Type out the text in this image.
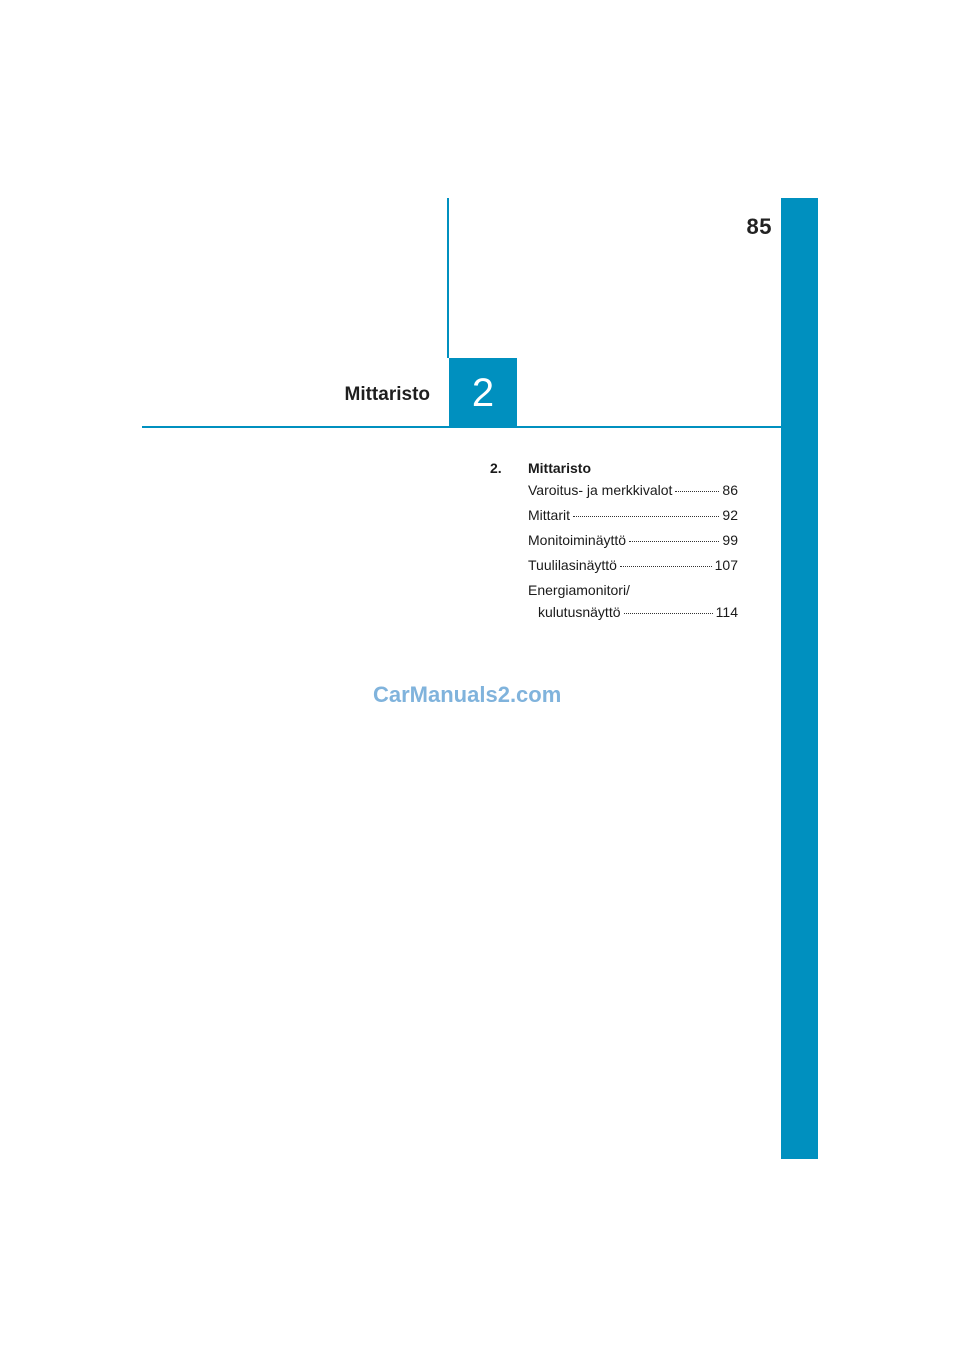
85
2
Mittaristo
2.	Mittaristo
Varoitus- ja merkkivalot	86
Mittarit	92
Monitoiminäyttö	99
Tuulilasinäyttö	107
Energiamonitori/
kulutusnäyttö	114
CarManuals2.com
